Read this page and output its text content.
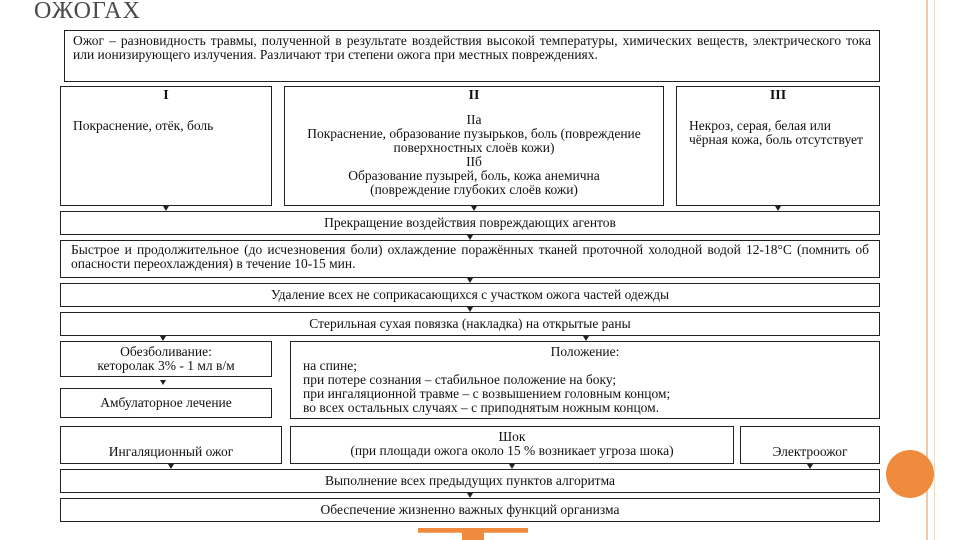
ОЖОГАХ
Ожог – разновидность травмы, полученной в результате воздействия высокой температуры, химических веществ, электрического тока или ионизирующего излучения. Различают три степени ожога при местных повреждениях.
I
Покраснение, отёк, боль
II
IIа
Покраснение, образование пузырьков, боль (повреждение поверхностных слоёв кожи)
IIб
Образование пузырей, боль, кожа анемична (повреждение глубоких слоёв кожи)
III
Некроз, серая, белая или чёрная кожа, боль отсутствует
Прекращение воздействия повреждающих агентов
Быстрое и продолжительное (до исчезновения боли) охлаждение поражённых тканей проточной холодной водой 12-18°С (помнить об опасности переохлаждения) в течение 10-15 мин.
Удаление всех не соприкасающихся с участком ожога частей одежды
Стерильная сухая повязка (накладка) на открытые раны
Обезболивание:
кеторолак 3% - 1 мл в/м
Амбулаторное лечение
Положение:
на спине;
при потере сознания – стабильное положение на боку;
при ингаляционной травме – с возвышением головным концом;
во всех остальных случаях – с приподнятым ножным концом.
Ингаляционный ожог
Шок
(при площади ожога около 15 % возникает угроза шока)	Электроожог
Выполнение всех предыдущих пунктов алгоритма
Обеспечение жизненно важных функций организма
